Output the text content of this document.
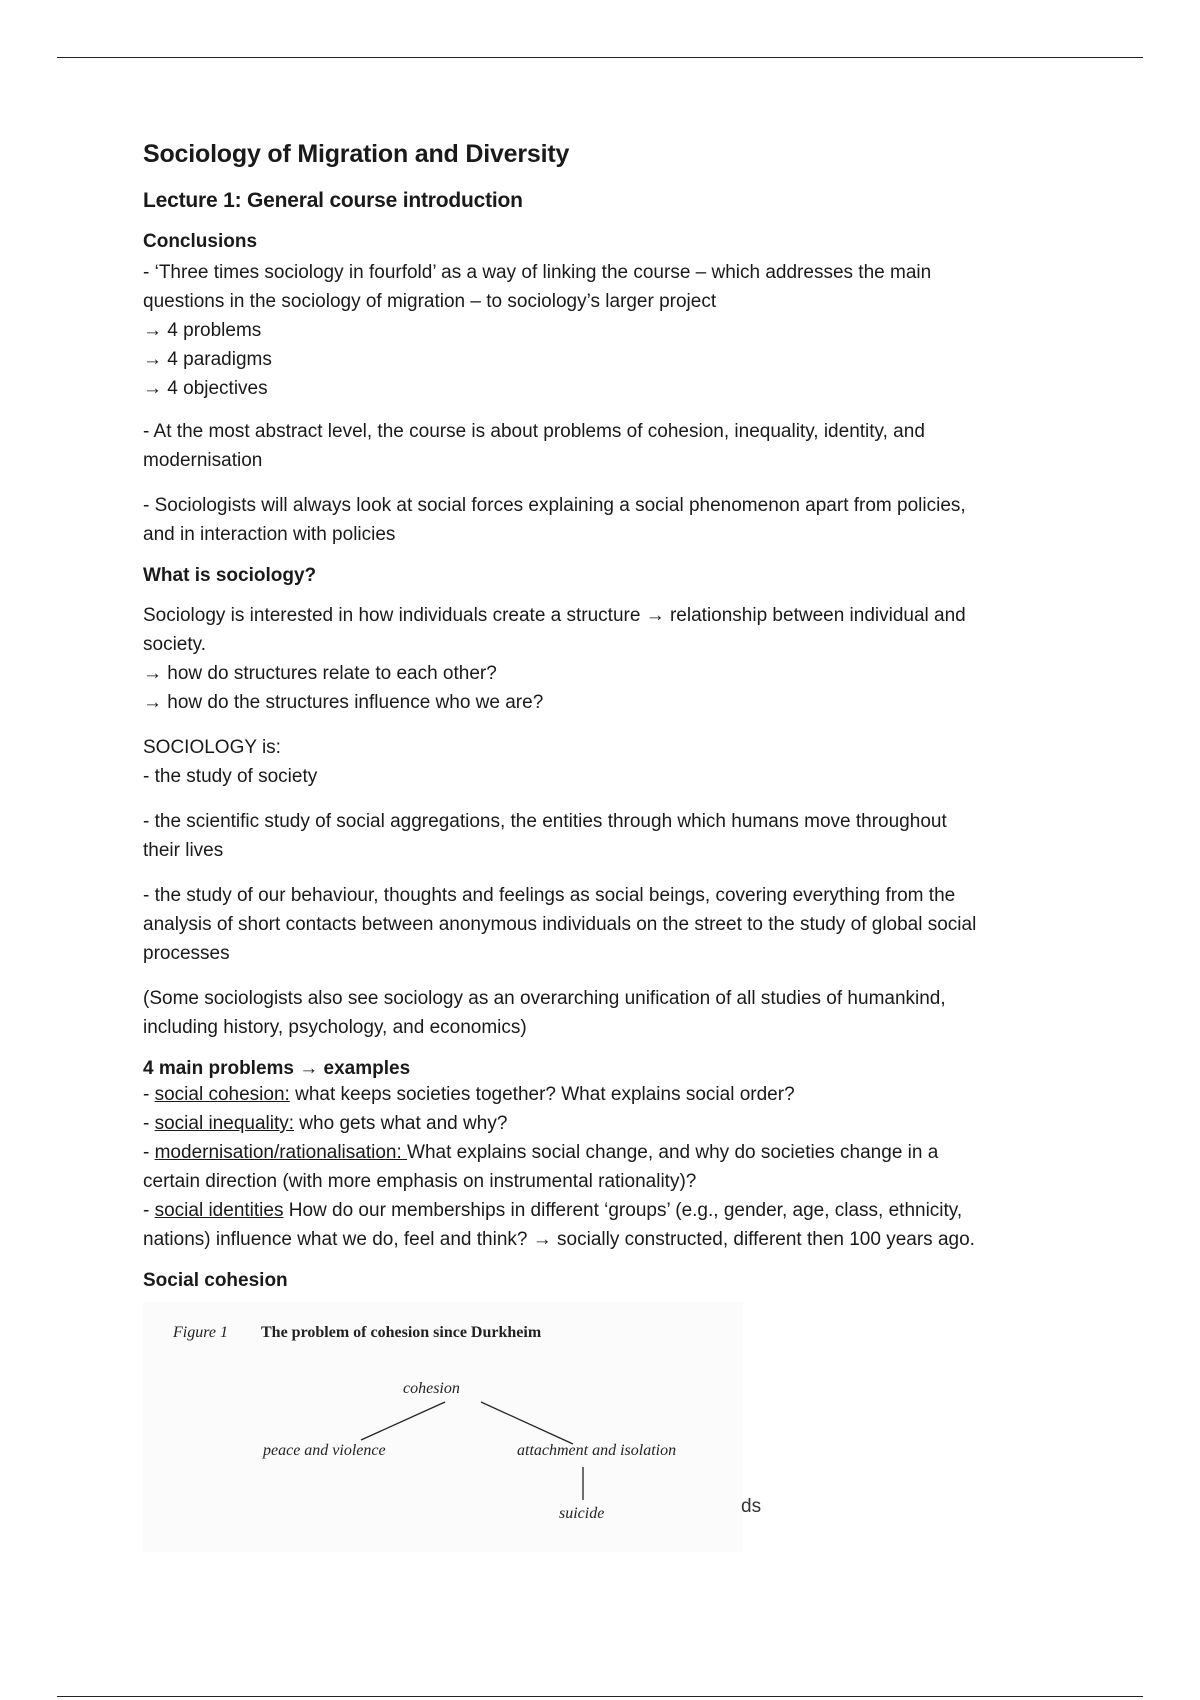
Sociology of Migration and Diversity
Lecture 1: General course introduction
Conclusions
- ‘Three times sociology in fourfold’ as a way of linking the course – which addresses the main
questions in the sociology of migration – to sociology’s larger project
→ 4 problems
→ 4 paradigms
→ 4 objectives
- At the most abstract level, the course is about problems of cohesion, inequality, identity, and
modernisation
- Sociologists will always look at social forces explaining a social phenomenon apart from policies,
and in interaction with policies
What is sociology?
Sociology is interested in how individuals create a structure → relationship between individual and
society.
→ how do structures relate to each other?
→ how do the structures influence who we are?
SOCIOLOGY is:
- the study of society
- the scientific study of social aggregations, the entities through which humans move throughout
their lives
- the study of our behaviour, thoughts and feelings as social beings, covering everything from the
analysis of short contacts between anonymous individuals on the street to the study of global social
processes
(Some sociologists also see sociology as an overarching unification of all studies of humankind,
including history, psychology, and economics)
4 main problems → examples
- social cohesion: what keeps societies together? What explains social order?
- social inequality: who gets what and why?
- modernisation/rationalisation: What explains social change, and why do societies change in a
certain direction (with more emphasis on instrumental rationality)?
- social identities How do our memberships in different ‘groups’ (e.g., gender, age, class, ethnicity,
nations) influence what we do, feel and think? → socially constructed, different then 100 years ago.
Social cohesion
Figure 1 The problem of cohesion since Durkheim
cohesion
peace and violence	attachment and isolation
suicide	ds
